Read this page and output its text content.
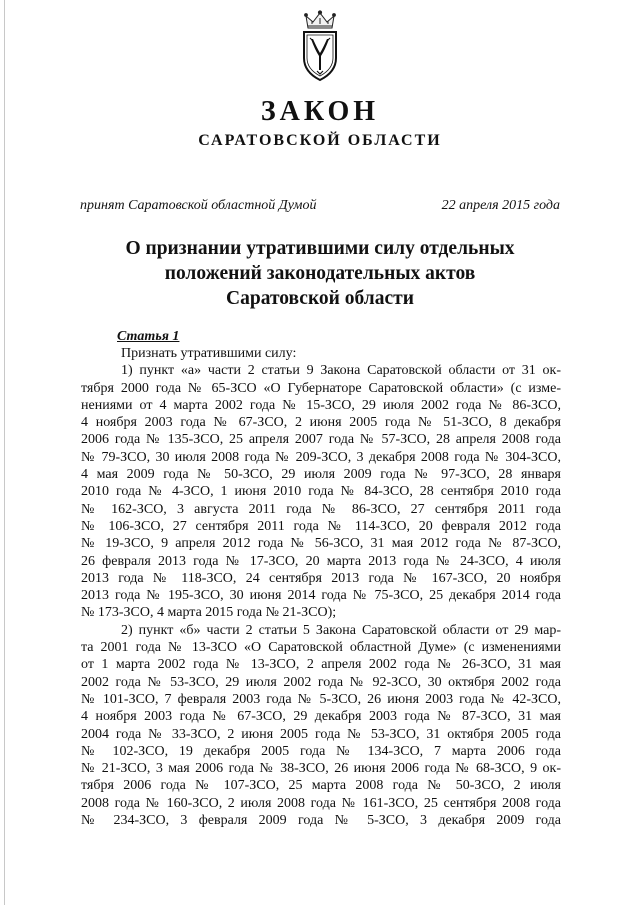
ЗАКОН
САРАТОВСКОЙ ОБЛАСТИ
принят Саратовской областной Думой	22 апреля 2015 года
О признании утратившими силу отдельных
положений законодательных актов
Саратовской области
Статья 1
Признать утратившими силу:
1) пункт «а» части 2 статьи 9 Закона Саратовской области от 31 ок-
тября 2000 года № 65-ЗСО «О Губернаторе Саратовской области» (с изме-
нениями от 4 марта 2002 года № 15-ЗСО, 29 июля 2002 года № 86-ЗСО,
4 ноября 2003 года № 67-ЗСО, 2 июня 2005 года № 51-ЗСО, 8 декабря
2006 года № 135-ЗСО, 25 апреля 2007 года № 57-ЗСО, 28 апреля 2008 года
№ 79-ЗСО, 30 июля 2008 года № 209-ЗСО, 3 декабря 2008 года № 304-ЗСО,
4 мая 2009 года № 50-ЗСО, 29 июля 2009 года № 97-ЗСО, 28 января
2010 года № 4-ЗСО, 1 июня 2010 года № 84-ЗСО, 28 сентября 2010 года
№ 162-ЗСО, 3 августа 2011 года № 86-ЗСО, 27 сентября 2011 года
№ 106-ЗСО, 27 сентября 2011 года № 114-ЗСО, 20 февраля 2012 года
№ 19-ЗСО, 9 апреля 2012 года № 56-ЗСО, 31 мая 2012 года № 87-ЗСО,
26 февраля 2013 года № 17-ЗСО, 20 марта 2013 года № 24-ЗСО, 4 июля
2013 года № 118-ЗСО, 24 сентября 2013 года № 167-ЗСО, 20 ноября
2013 года № 195-ЗСО, 30 июня 2014 года № 75-ЗСО, 25 декабря 2014 года
№ 173-ЗСО, 4 марта 2015 года № 21-ЗСО);
2) пункт «б» части 2 статьи 5 Закона Саратовской области от 29 мар-
та 2001 года № 13-ЗСО «О Саратовской областной Думе» (с изменениями
от 1 марта 2002 года № 13-ЗСО, 2 апреля 2002 года № 26-ЗСО, 31 мая
2002 года № 53-ЗСО, 29 июля 2002 года № 92-ЗСО, 30 октября 2002 года
№ 101-ЗСО, 7 февраля 2003 года № 5-ЗСО, 26 июня 2003 года № 42-ЗСО,
4 ноября 2003 года № 67-ЗСО, 29 декабря 2003 года № 87-ЗСО, 31 мая
2004 года № 33-ЗСО, 2 июня 2005 года № 53-ЗСО, 31 октября 2005 года
№ 102-ЗСО, 19 декабря 2005 года № 134-ЗСО, 7 марта 2006 года
№ 21-ЗСО, 3 мая 2006 года № 38-ЗСО, 26 июня 2006 года № 68-ЗСО, 9 ок-
тября 2006 года № 107-ЗСО, 25 марта 2008 года № 50-ЗСО, 2 июля
2008 года № 160-ЗСО, 2 июля 2008 года № 161-ЗСО, 25 сентября 2008 года
№ 234-ЗСО, 3 февраля 2009 года № 5-ЗСО, 3 декабря 2009 года
